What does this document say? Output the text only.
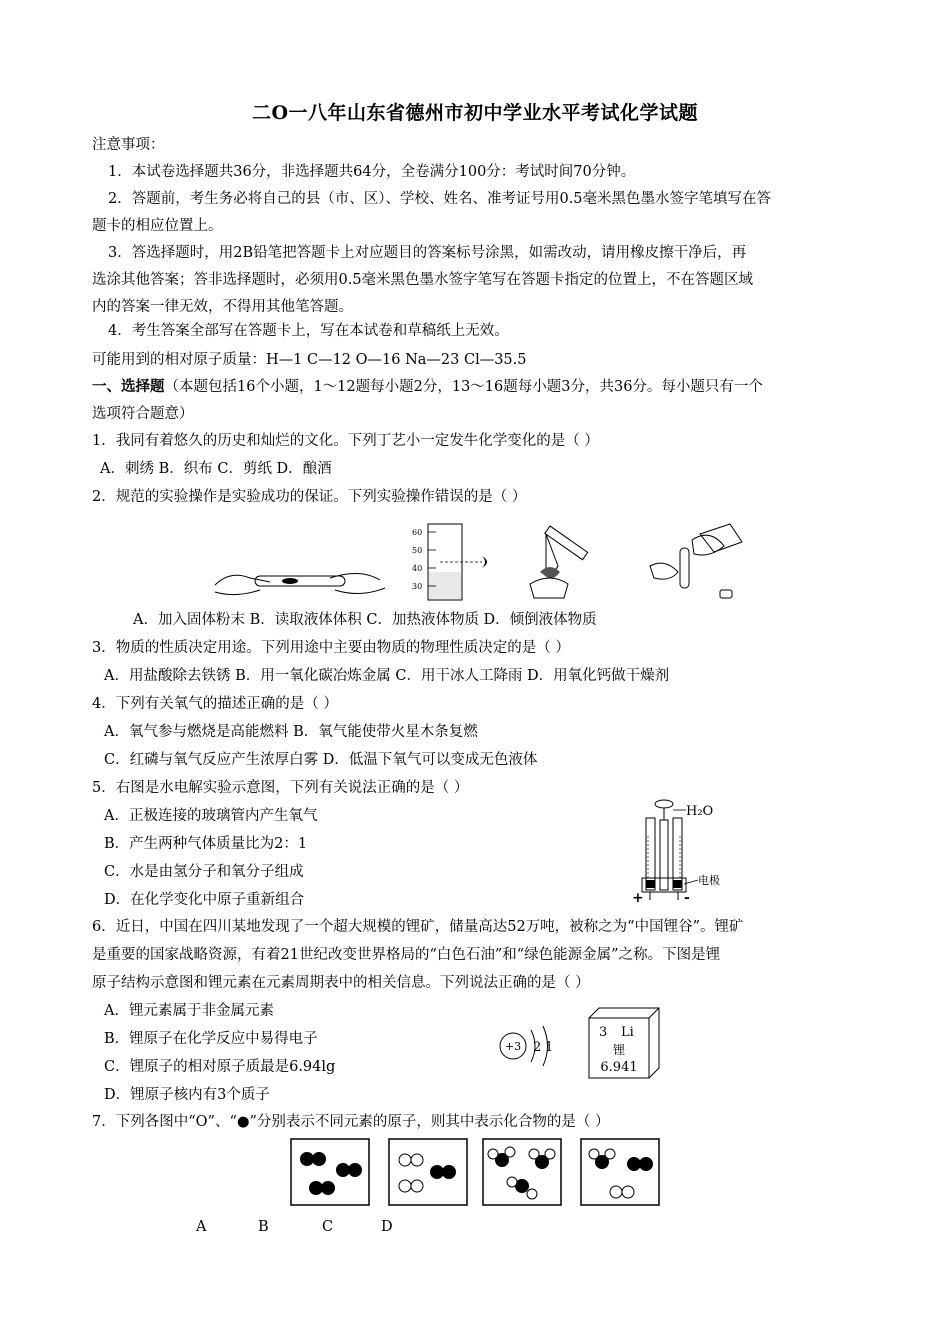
二O一八年山东省德州市初中学业水平考试化学试题
注意事项：
1．本试卷选择题共36分，非选择题共64分，全卷满分100分：考试时间70分钟。
2．答题前，考生务必将自己的县（市、区）、学校、姓名、准考证号用0.5毫米黑色墨水签字笔填写在答
题卡的相应位置上。
3．答选择题时，用2B铅笔把答题卡上对应题目的答案标号涂黑，如需改动，请用橡皮擦干净后，再
选涂其他答案；答非选择题时，必须用0.5毫米黑色墨水签字笔写在答题卡指定的位置上，不在答题区域
内的答案一律无效，不得用其他笔答题。
4．考生答案全部写在答题卡上，写在本试卷和草稿纸上无效。
可能用到的相对原子质量：H—1 C—12 O—16 Na—23 Cl—35.5
一、选择题（本题包括16个小题，1～12题每小题2分，13～16题每小题3分，共36分。每小题只有一个
选项符合题意）
1．我同有着悠久的历史和灿烂的文化。下列丁艺小一定发牛化学变化的是（ ）
A．刺绣 B．织布 C．剪纸 D．酿酒
2．规范的实验操作是实验成功的保证。下列实验操作错误的是（ ）
60
50
40
30
A．加入固体粉末 B．读取液体体积 C．加热液体物质 D．倾倒液体物质
3．物质的性质决定用途。下列用途中主要由物质的物理性质决定的是（ ）
A．用盐酸除去铁锈 B．用一氧化碳冶炼金属 C．用干冰人工降雨 D．用氧化钙做干燥剂
4．下列有关氧气的描述正确的是（ ）
A．氧气参与燃烧是高能燃料 B．氧气能使带火星木条复燃
C．红磷与氧气反应产生浓厚白雾 D．低温下氧气可以变成无色液体
5．右图是水电解实验示意图，下列有关说法正确的是（ ）
A．正极连接的玻璃管内产生氧气
B．产生两种气体质量比为2：1
C．水是由氢分子和氧分子组成
D．在化学变化中原子重新组合
H₂O
电极
+	-
6．近日，中国在四川某地发现了一个超大规模的锂矿，储量高达52万吨，被称之为“中国锂谷”。锂矿
是重要的国家战略资源，有着21世纪改变世界格局的“白色石油”和“绿色能源金属”之称。下图是锂
原子结构示意图和锂元素在元素周期表中的相关信息。下列说法正确的是（ ）
A．锂元素属于非金属元素
B．锂原子在化学反应中易得电子
C．锂原子的相对原子质最是6.94lg
D．锂原子核内有3个质子
+3 2 1
3 Li
锂
6.941
7．下列各图中“O”、“●”分别表示不同元素的原子，则其中表示化合物的是（ ）
A	B	C	D
